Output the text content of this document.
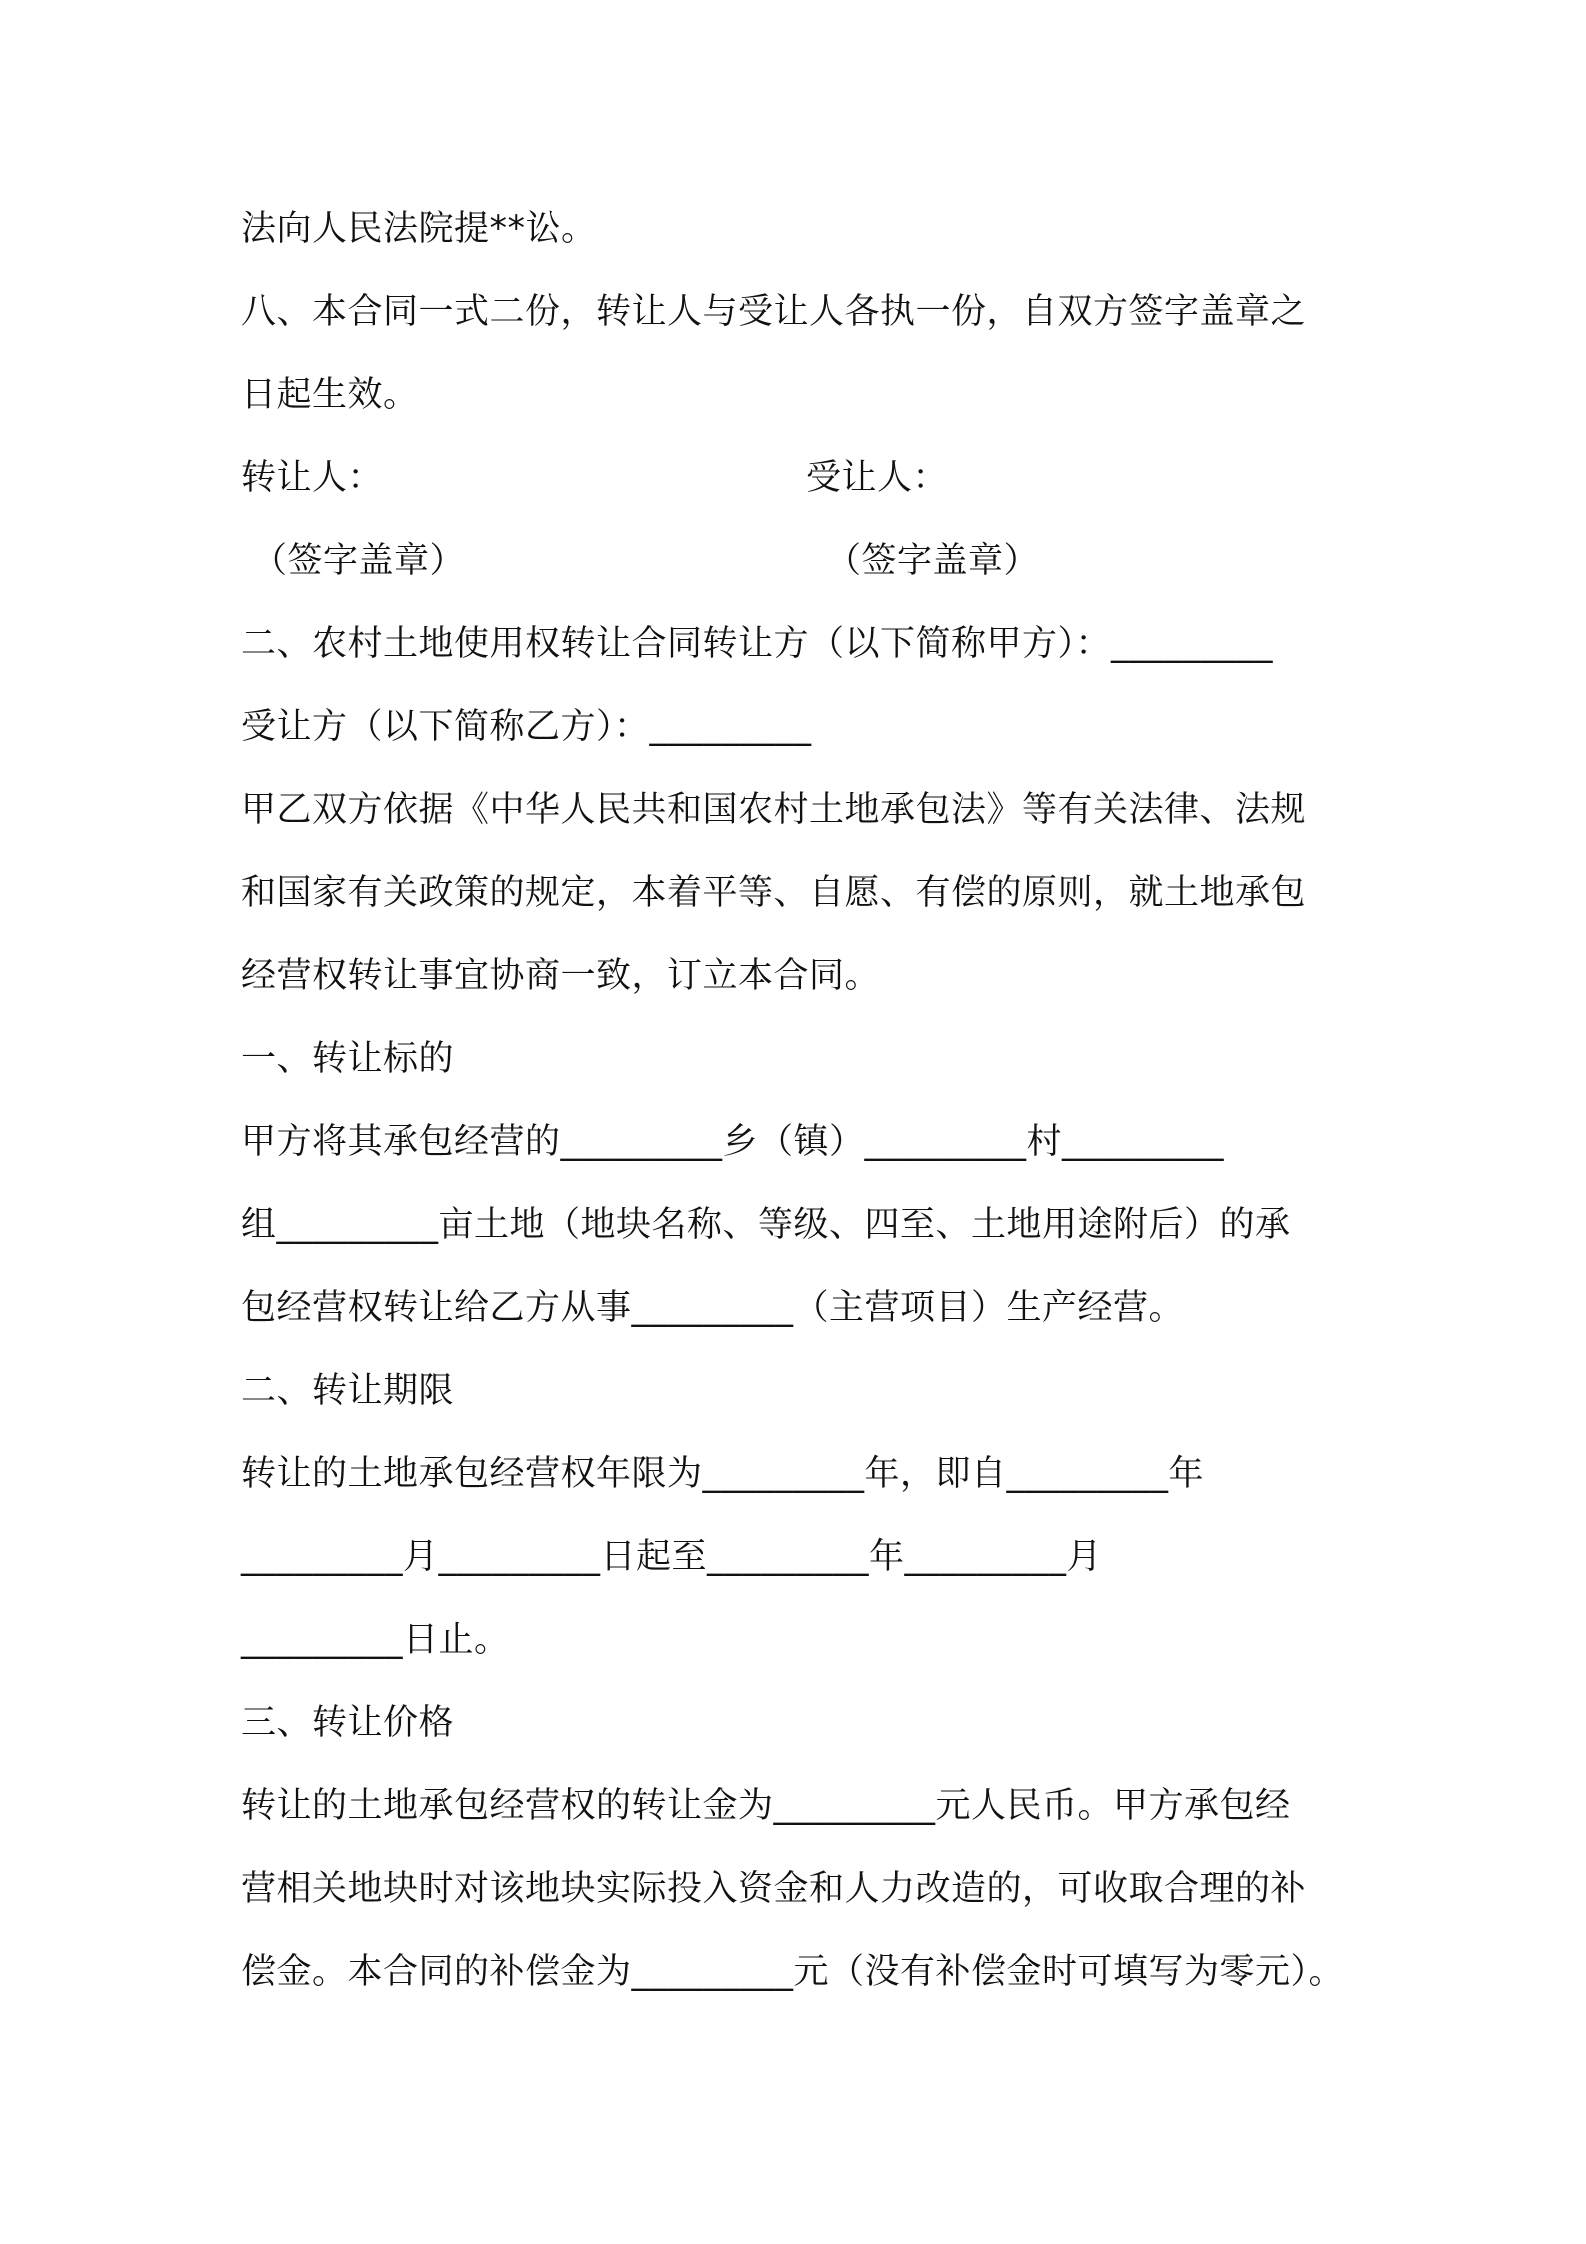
法向人民法院提**讼。
八、本合同一式二份，转让人与受让人各执一份，自双方签字盖章之
日起生效。
转让人：	受让人：
（签字盖章）	（签字盖章）
二、农村土地使用权转让合同转让方（以下简称甲方）：_________
受让方（以下简称乙方）：_________
甲乙双方依据《中华人民共和国农村土地承包法》等有关法律、法规
和国家有关政策的规定，本着平等、自愿、有偿的原则，就土地承包
经营权转让事宜协商一致，订立本合同。
一、转让标的
甲方将其承包经营的_________乡（镇）_________村_________
组_________亩土地（地块名称、等级、四至、土地用途附后）的承
包经营权转让给乙方从事_________（主营项目）生产经营。
二、转让期限
转让的土地承包经营权年限为_________年，即自_________年
_________月_________日起至_________年_________月
_________日止。
三、转让价格
转让的土地承包经营权的转让金为_________元人民币。甲方承包经
营相关地块时对该地块实际投入资金和人力改造的，可收取合理的补
偿金。本合同的补偿金为_________元（没有补偿金时可填写为零元）。
